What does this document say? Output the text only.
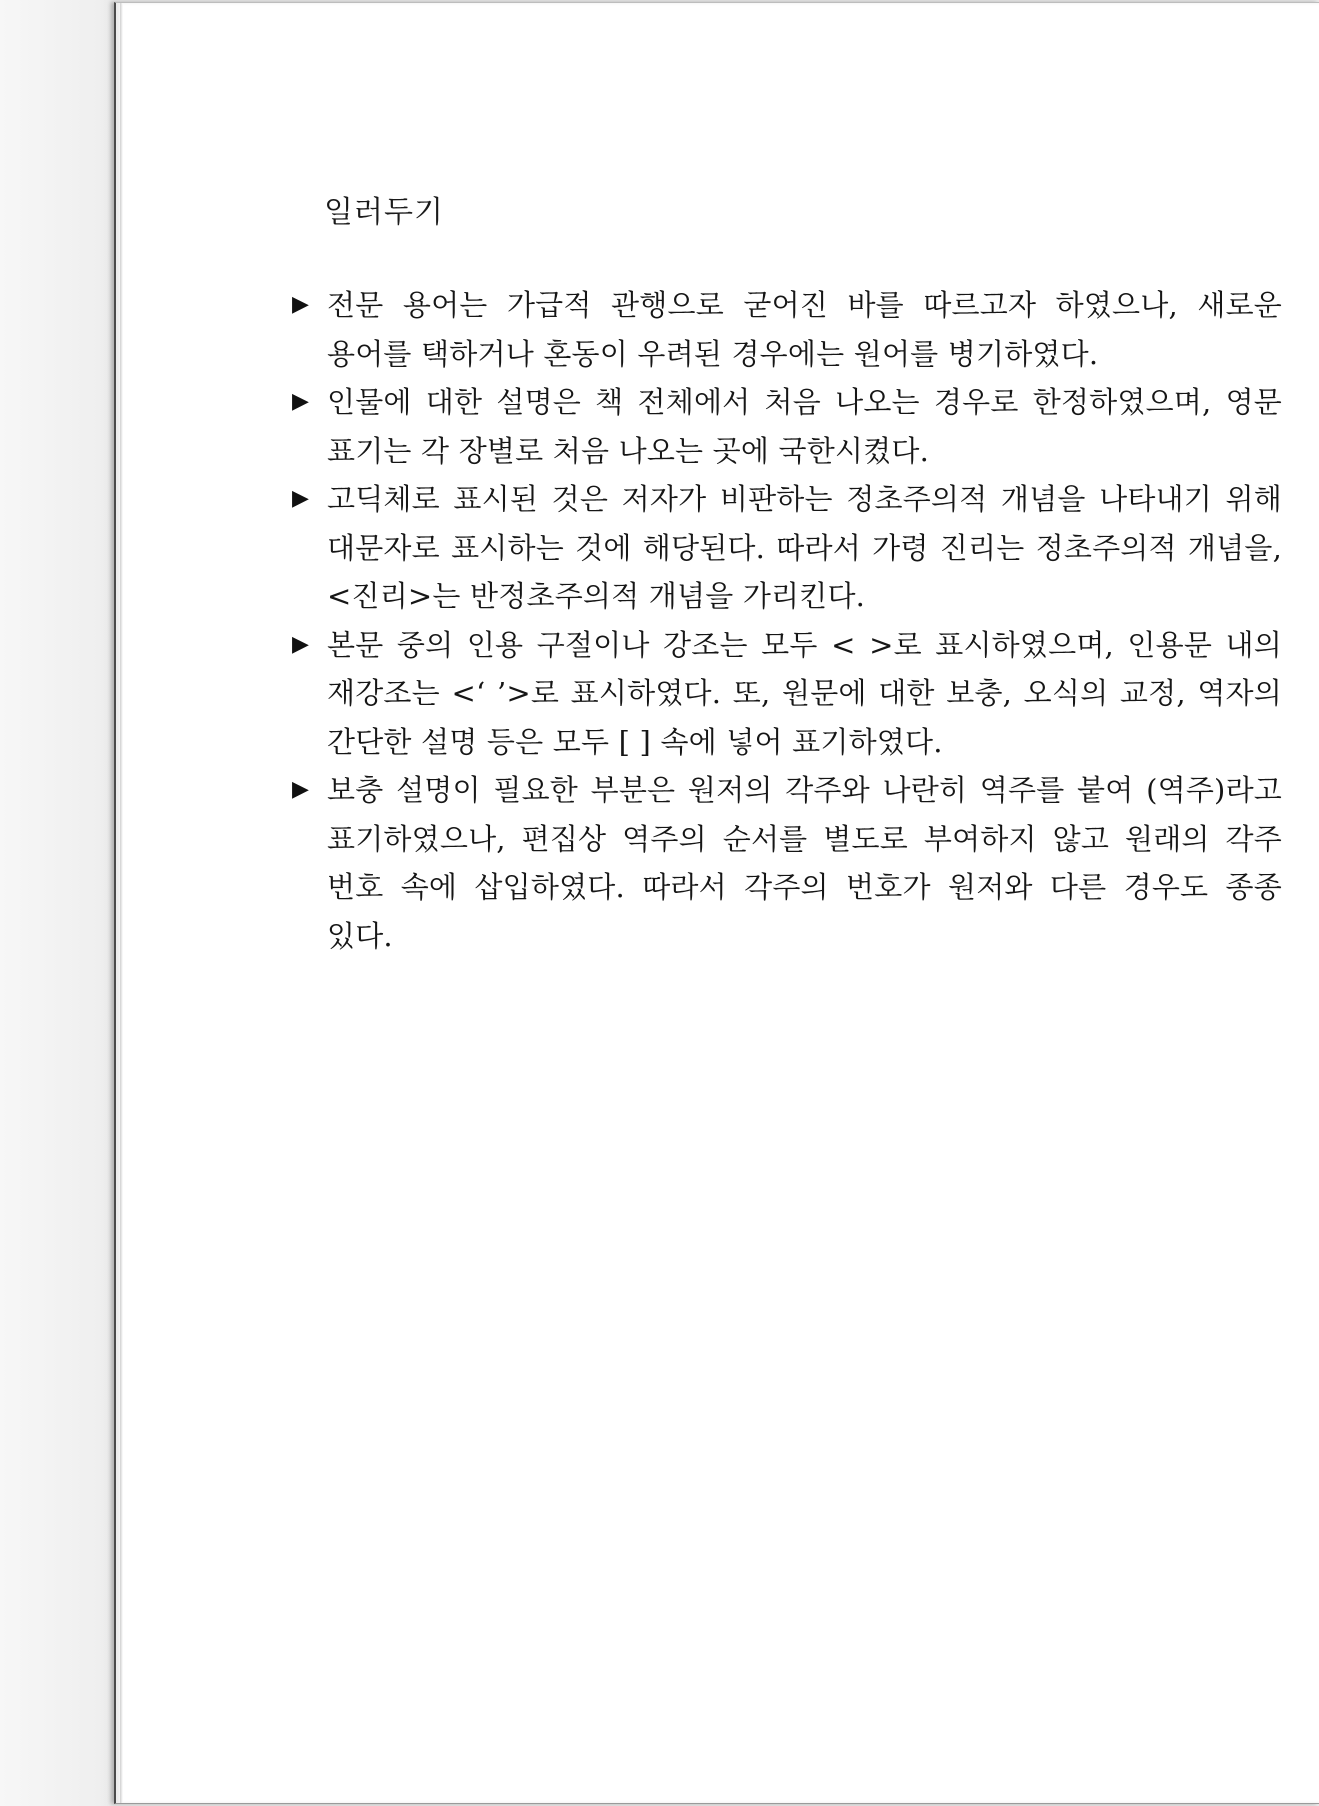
일러두기
▶ 전문 용어는 가급적 관행으로 굳어진 바를 따르고자 하였으나, 새로운 용어를 택하거나 혼동이 우려된 경우에는 원어를 병기하였다.
▶ 인물에 대한 설명은 책 전체에서 처음 나오는 경우로 한정하였으며, 영문 표기는 각 장별로 처음 나오는 곳에 국한시켰다.
▶ 고딕체로 표시된 것은 저자가 비판하는 정초주의적 개념을 나타내기 위해 대문자로 표시하는 것에 해당된다. 따라서 가령 진리는 정초주의적 개념을, <진리>는 반정초주의적 개념을 가리킨다.
▶ 본문 중의 인용 구절이나 강조는 모두 < >로 표시하였으며, 인용문 내의 재강조는 <‘ ’>로 표시하였다. 또, 원문에 대한 보충, 오식의 교정, 역자의 간단한 설명 등은 모두 [ ] 속에 넣어 표기하였다.
▶ 보충 설명이 필요한 부분은 원저의 각주와 나란히 역주를 붙여 (역주)라고 표기하였으나, 편집상 역주의 순서를 별도로 부여하지 않고 원래의 각주 번호 속에 삽입하였다. 따라서 각주의 번호가 원저와 다른 경우도 종종 있다.
